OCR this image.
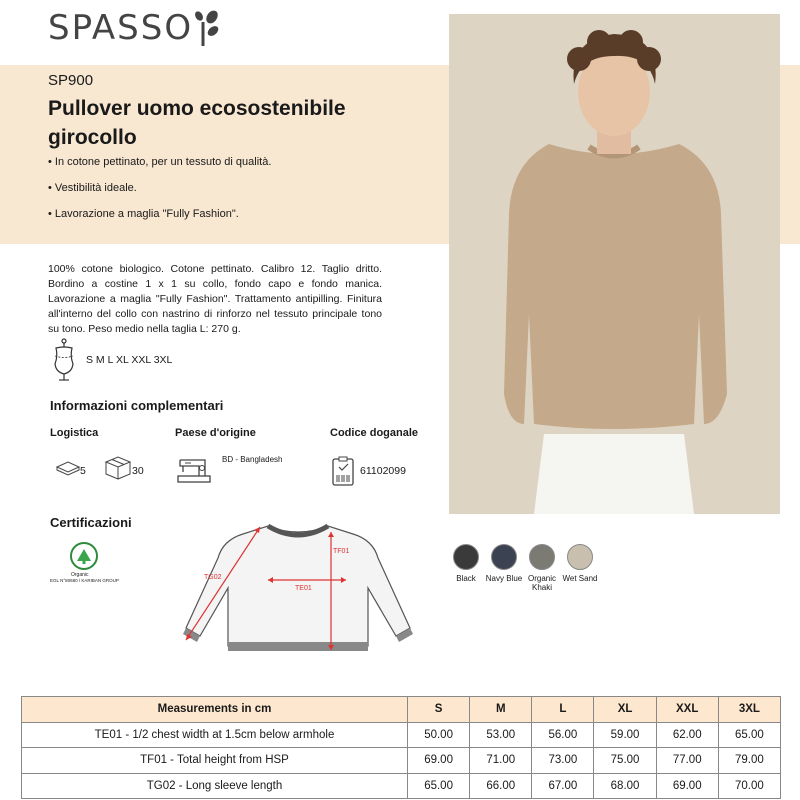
SPASSO
SP900
Pullover uomo ecosostenibile girocollo
• In cotone pettinato, per un tessuto di qualità.
• Vestibilità ideale.
• Lavorazione a maglia "Fully Fashion".
100% cotone biologico. Cotone pettinato. Calibro 12. Taglio dritto. Bordino a costine 1 x 1 su collo, fondo capo e fondo manica. Lavorazione a maglia "Fully Fashion". Trattamento antipilling. Finitura all'interno del collo con nastrino di rinforzo nel tessuto principale tono su tono. Peso medio nella taglia L: 270 g.
S M L XL XXL 3XL
Informazioni complementari
Logistica	Paese d'origine	Codice doganale
5	30
BD - Bangladesh
61102099
Certificazioni
Organic
EGL N°80680 / KARIBAN GROUP
TE01
TF01
TG02	Black	Navy Blue Organic Khaki
Wet Sand
Measurements in cm	S	M	L	XL	XXL	3XL
TE01 - 1/2 chest width at 1.5cm below armhole	50.00	53.00	56.00	59.00	62.00	65.00
TF01 - Total height from HSP	69.00	71.00	73.00	75.00	77.00	79.00
TG02 - Long sleeve length	65.00	66.00	67.00	68.00	69.00	70.00
